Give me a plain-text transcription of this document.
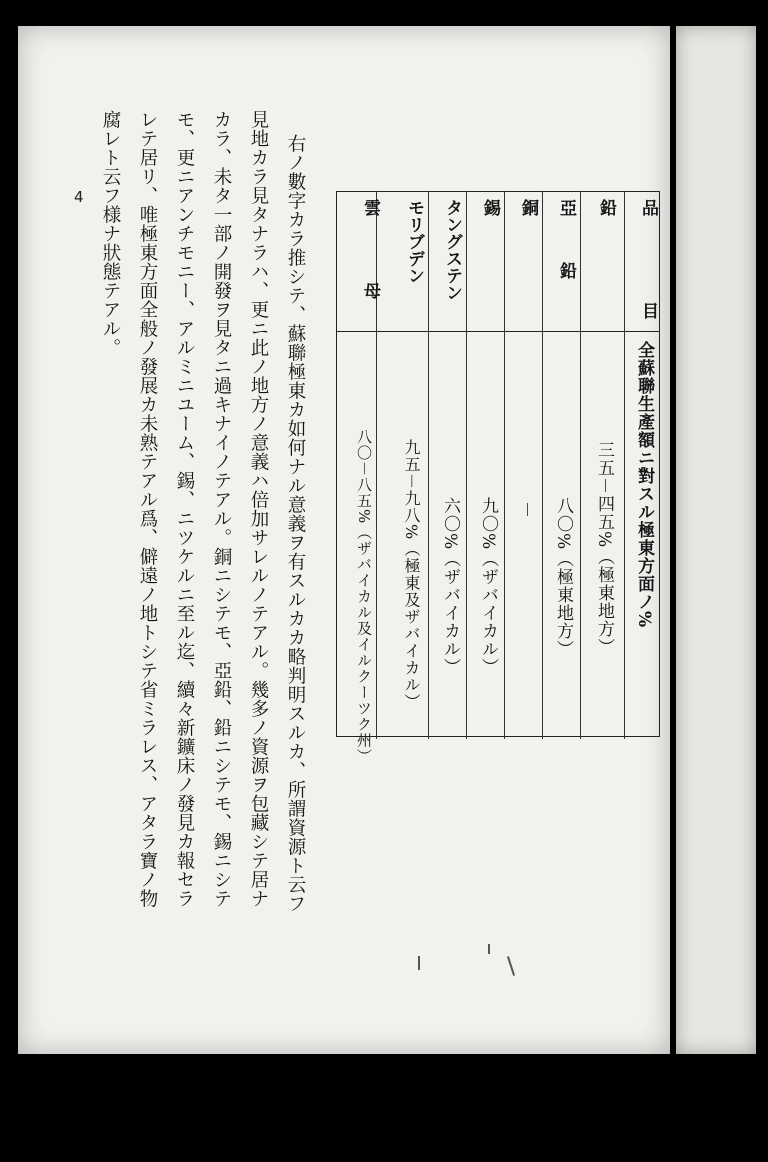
品 目
全蘇聯生產額ニ對スル極東方面ノ%
鉛
三五－四五%（極東地方）
亞 鉛
八〇%（極東地方）
銅
－
錫
九〇%（ザバイカル）
タングステン
六〇%（ザバイカル）
モリブデン
九五－九八%（極東及ザバイカル）
雲 母
八〇－八五%（ザバイカル及イルクーツク州）
右ノ數字カラ推シテ、蘇聯極東カ如何ナル意義ヲ有スルカカ略判明スルカ、所謂資源ト云フ
見地カラ見タナラハ、更ニ此ノ地方ノ意義ハ倍加サレルノテアル。幾多ノ資源ヲ包藏シテ居ナ
カラ、未タ一部ノ開發ヲ見タニ過キナイノテアル。銅ニシテモ、亞鉛、鉛ニシテモ、錫ニシテ
モ、更ニアンチモニー、アルミニユーム、錫、ニツケルニ至ル迄、續々新鑛床ノ發見カ報セラ
レテ居リ、唯極東方面全般ノ發展カ未熟テアル爲、僻遠ノ地トシテ省ミラレス、アタラ寶ノ物
腐レト云フ様ナ狀態テアル。
4
